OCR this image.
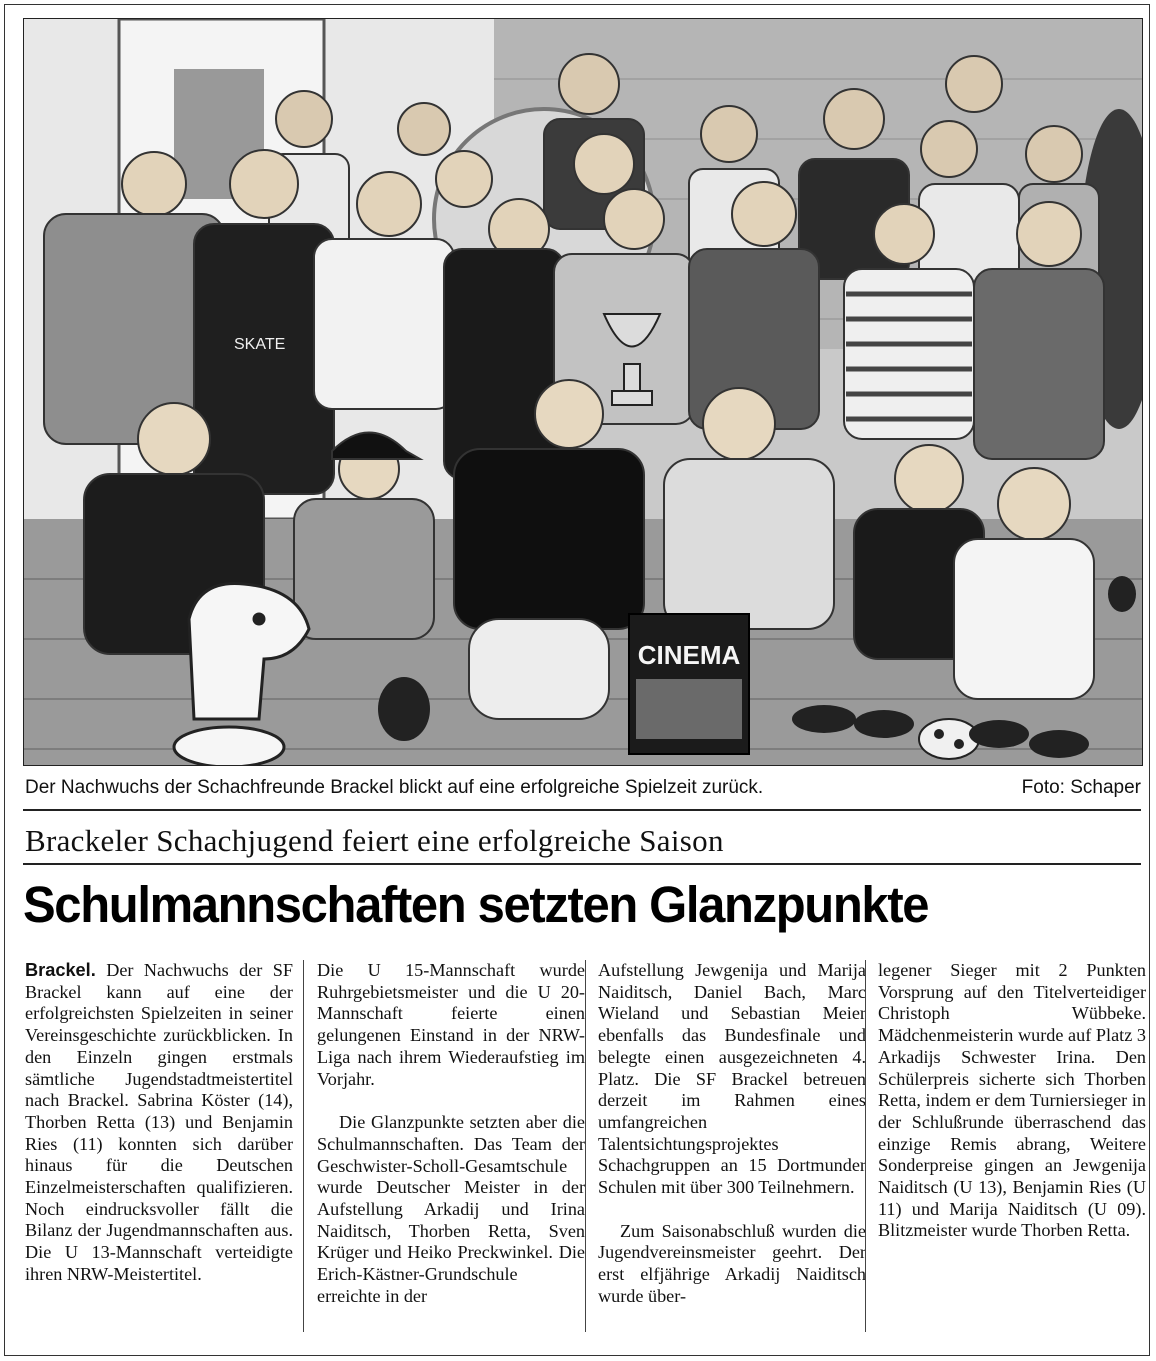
SKATE
CINEMA
Der Nachwuchs der Schachfreunde Brackel blickt auf eine erfolgreiche Spielzeit zurück.	Foto: Schaper
Brackeler Schachjugend feiert eine erfolgreiche Saison
Schulmannschaften setzten Glanzpunkte

Brackel. Der Nachwuchs der SF Brackel kann auf eine der erfolgreichsten Spielzeiten in seiner Vereinsgeschichte zurückblicken. In den Einzeln gingen erstmals sämtliche Jugendstadtmeistertitel nach Brackel. Sabrina Köster (14), Thorben Retta (13) und Benjamin Ries (11) konnten sich darüber hinaus für die Deutschen Einzelmeisterschaften qualifizieren. Noch eindrucksvoller fällt die Bilanz der Jugendmannschaften aus. Die U 13-Mannschaft verteidigte ihren NRW-Meistertitel.

Die U 15-Mannschaft wurde Ruhrgebietsmeister und die U 20-Mannschaft feierte einen gelungenen Einstand in der NRW-Liga nach ihrem Wiederaufstieg im Vorjahr.

Die Glanzpunkte setzten aber die Schulmannschaften. Das Team der Geschwister-Scholl-Gesamtschule wurde Deutscher Meister in der Aufstellung Arkadij und Irina Naiditsch, Thorben Retta, Sven Krüger und Heiko Preckwinkel. Die Erich-Kästner-Grundschule erreichte in der

Aufstellung Jewgenija und Marija Naiditsch, Daniel Bach, Marc Wieland und Sebastian Meier ebenfalls das Bundesfinale und belegte einen ausgezeichneten 4. Platz. Die SF Brackel betreuen derzeit im Rahmen eines umfangreichen Talentsichtungsprojektes Schachgruppen an 15 Dortmunder Schulen mit über 300 Teilnehmern.

Zum Saisonabschluß wurden die Jugendvereinsmeister geehrt. Der erst elfjährige Arkadij Naiditsch wurde über-

legener Sieger mit 2 Punkten Vorsprung auf den Titelverteidiger Christoph Wübbeke. Mädchenmeisterin wurde auf Platz 3 Arkadijs Schwester Irina. Den Schülerpreis sicherte sich Thorben Retta, indem er dem Turniersieger in der Schlußrunde überraschend das einzige Remis abrang, Weitere Sonderpreise gingen an Jewgenija Naiditsch (U 13), Benjamin Ries (U 11) und Marija Naiditsch (U 09). Blitzmeister wurde Thorben Retta.
